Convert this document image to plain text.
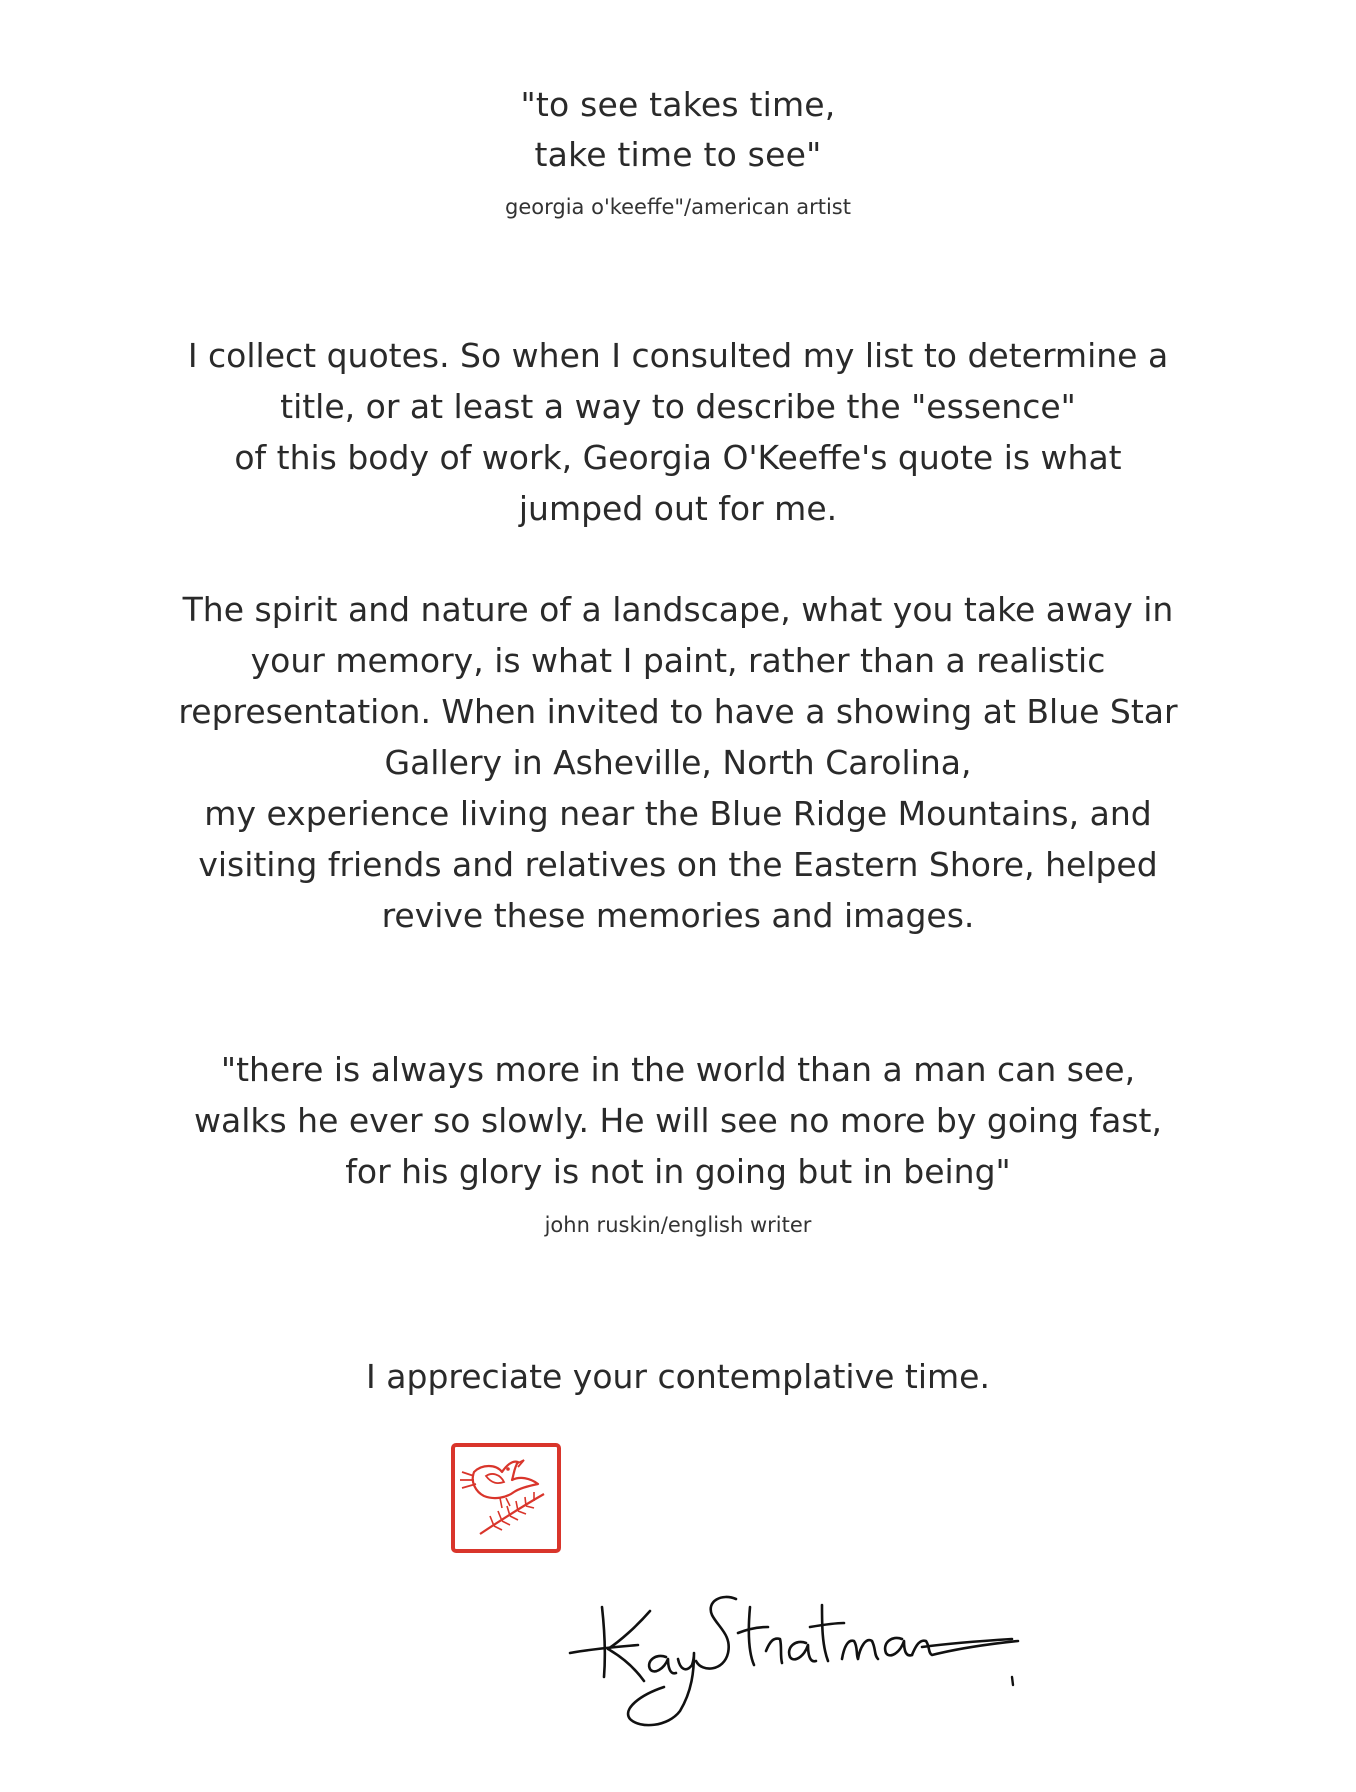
"to see takes time,
take time to see"
georgia o'keeffe"/american artist
I collect quotes. So when I consulted my list to determine a
title, or at least a way to describe the "essence"
of this body of work, Georgia O'Keeffe's quote is what
jumped out for me.
The spirit and nature of a landscape, what you take away in
your memory, is what I paint, rather than a realistic
representation. When invited to have a showing at Blue Star
Gallery in Asheville, North Carolina,
my experience living near the Blue Ridge Mountains, and
visiting friends and relatives on the Eastern Shore, helped
revive these memories and images.
"there is always more in the world than a man can see,
walks he ever so slowly. He will see no more by going fast,
for his glory is not in going but in being"
john ruskin/english writer
I appreciate your contemplative time.
